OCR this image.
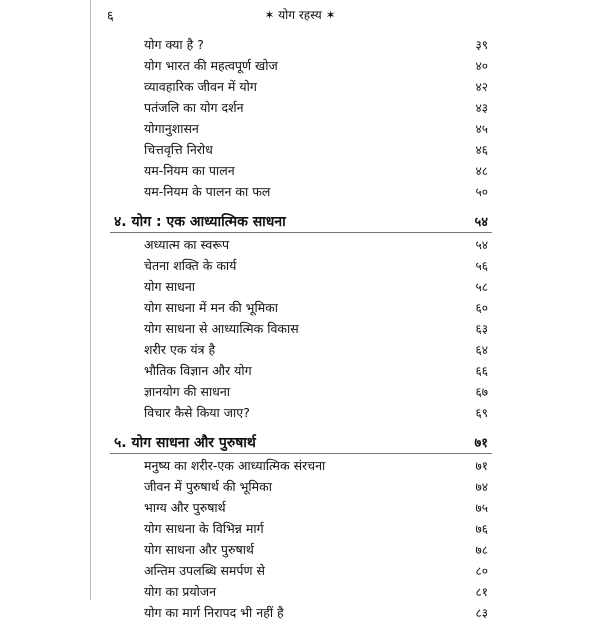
६	✶ योग रहस्य ✶
योग क्या है ?	३९
योग भारत की महत्वपूर्ण खोज	४०
व्यावहारिक जीवन में योग	४२
पतंजलि का योग दर्शन	४३
योगानुशासन	४५
चित्तवृत्ति निरोध	४६
यम-नियम का पालन	४८
यम-नियम के पालन का फल	५०
४. योग : एक आध्यात्मिक साधना	५४
अध्यात्म का स्वरूप	५४
चेतना शक्ति के कार्य	५६
योग साधना	५८
योग साधना में मन की भूमिका	६०
योग साधना से आध्यात्मिक विकास	६३
शरीर एक यंत्र है	६४
भौतिक विज्ञान और योग	६६
ज्ञानयोग की साधना	६७
विचार कैसे किया जाए?	६९
५. योग साधना और पुरुषार्थ	७१
मनुष्य का शरीर-एक आध्यात्मिक संरचना	७१
जीवन में पुरुषार्थ की भूमिका	७४
भाग्य और पुरुषार्थ	७५
योग साधना के विभिन्न मार्ग	७६
योग साधना और पुरुषार्थ	७८
अन्तिम उपलब्धि समर्पण से	८०
योग का प्रयोजन	८१
योग का मार्ग निरापद भी नहीं है	८३
